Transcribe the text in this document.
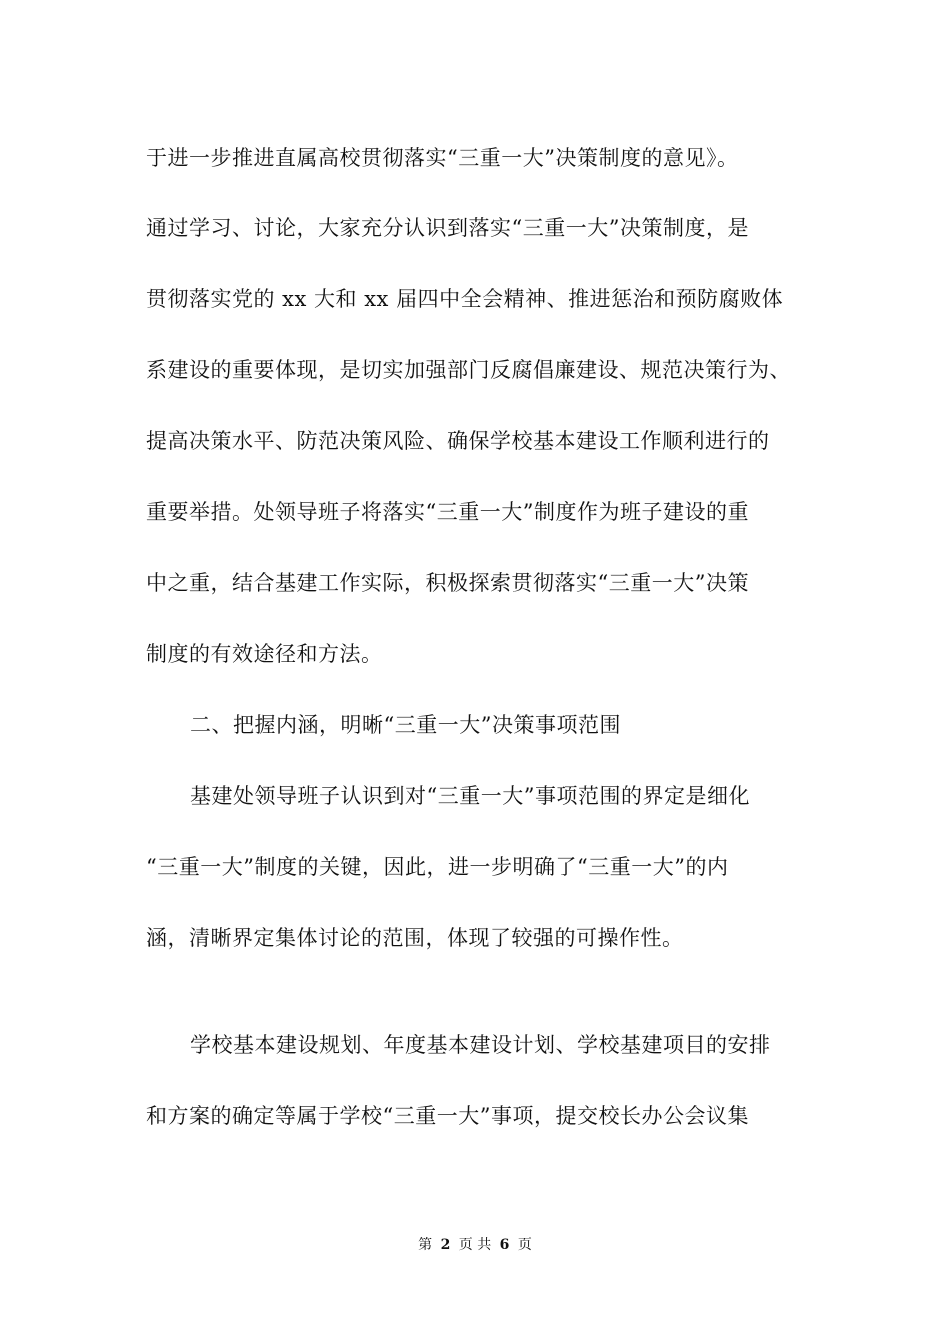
于进一步推进直属高校贯彻落实“三重一大”决策制度的意见》。
通过学习、讨论，大家充分认识到落实“三重一大”决策制度，是
贯彻落实党的 xx 大和 xx 届四中全会精神、推进惩治和预防腐败体
系建设的重要体现，是切实加强部门反腐倡廉建设、规范决策行为、
提高决策水平、防范决策风险、确保学校基本建设工作顺利进行的
重要举措。处领导班子将落实“三重一大”制度作为班子建设的重
中之重，结合基建工作实际，积极探索贯彻落实“三重一大”决策
制度的有效途径和方法。
二、把握内涵，明晰“三重一大”决策事项范围
基建处领导班子认识到对“三重一大”事项范围的界定是细化
“三重一大”制度的关键，因此，进一步明确了“三重一大”的内
涵，清晰界定集体讨论的范围，体现了较强的可操作性。
学校基本建设规划、年度基本建设计划、学校基建项目的安排
和方案的确定等属于学校“三重一大”事项，提交校长办公会议集
第 2 页 共 6 页
